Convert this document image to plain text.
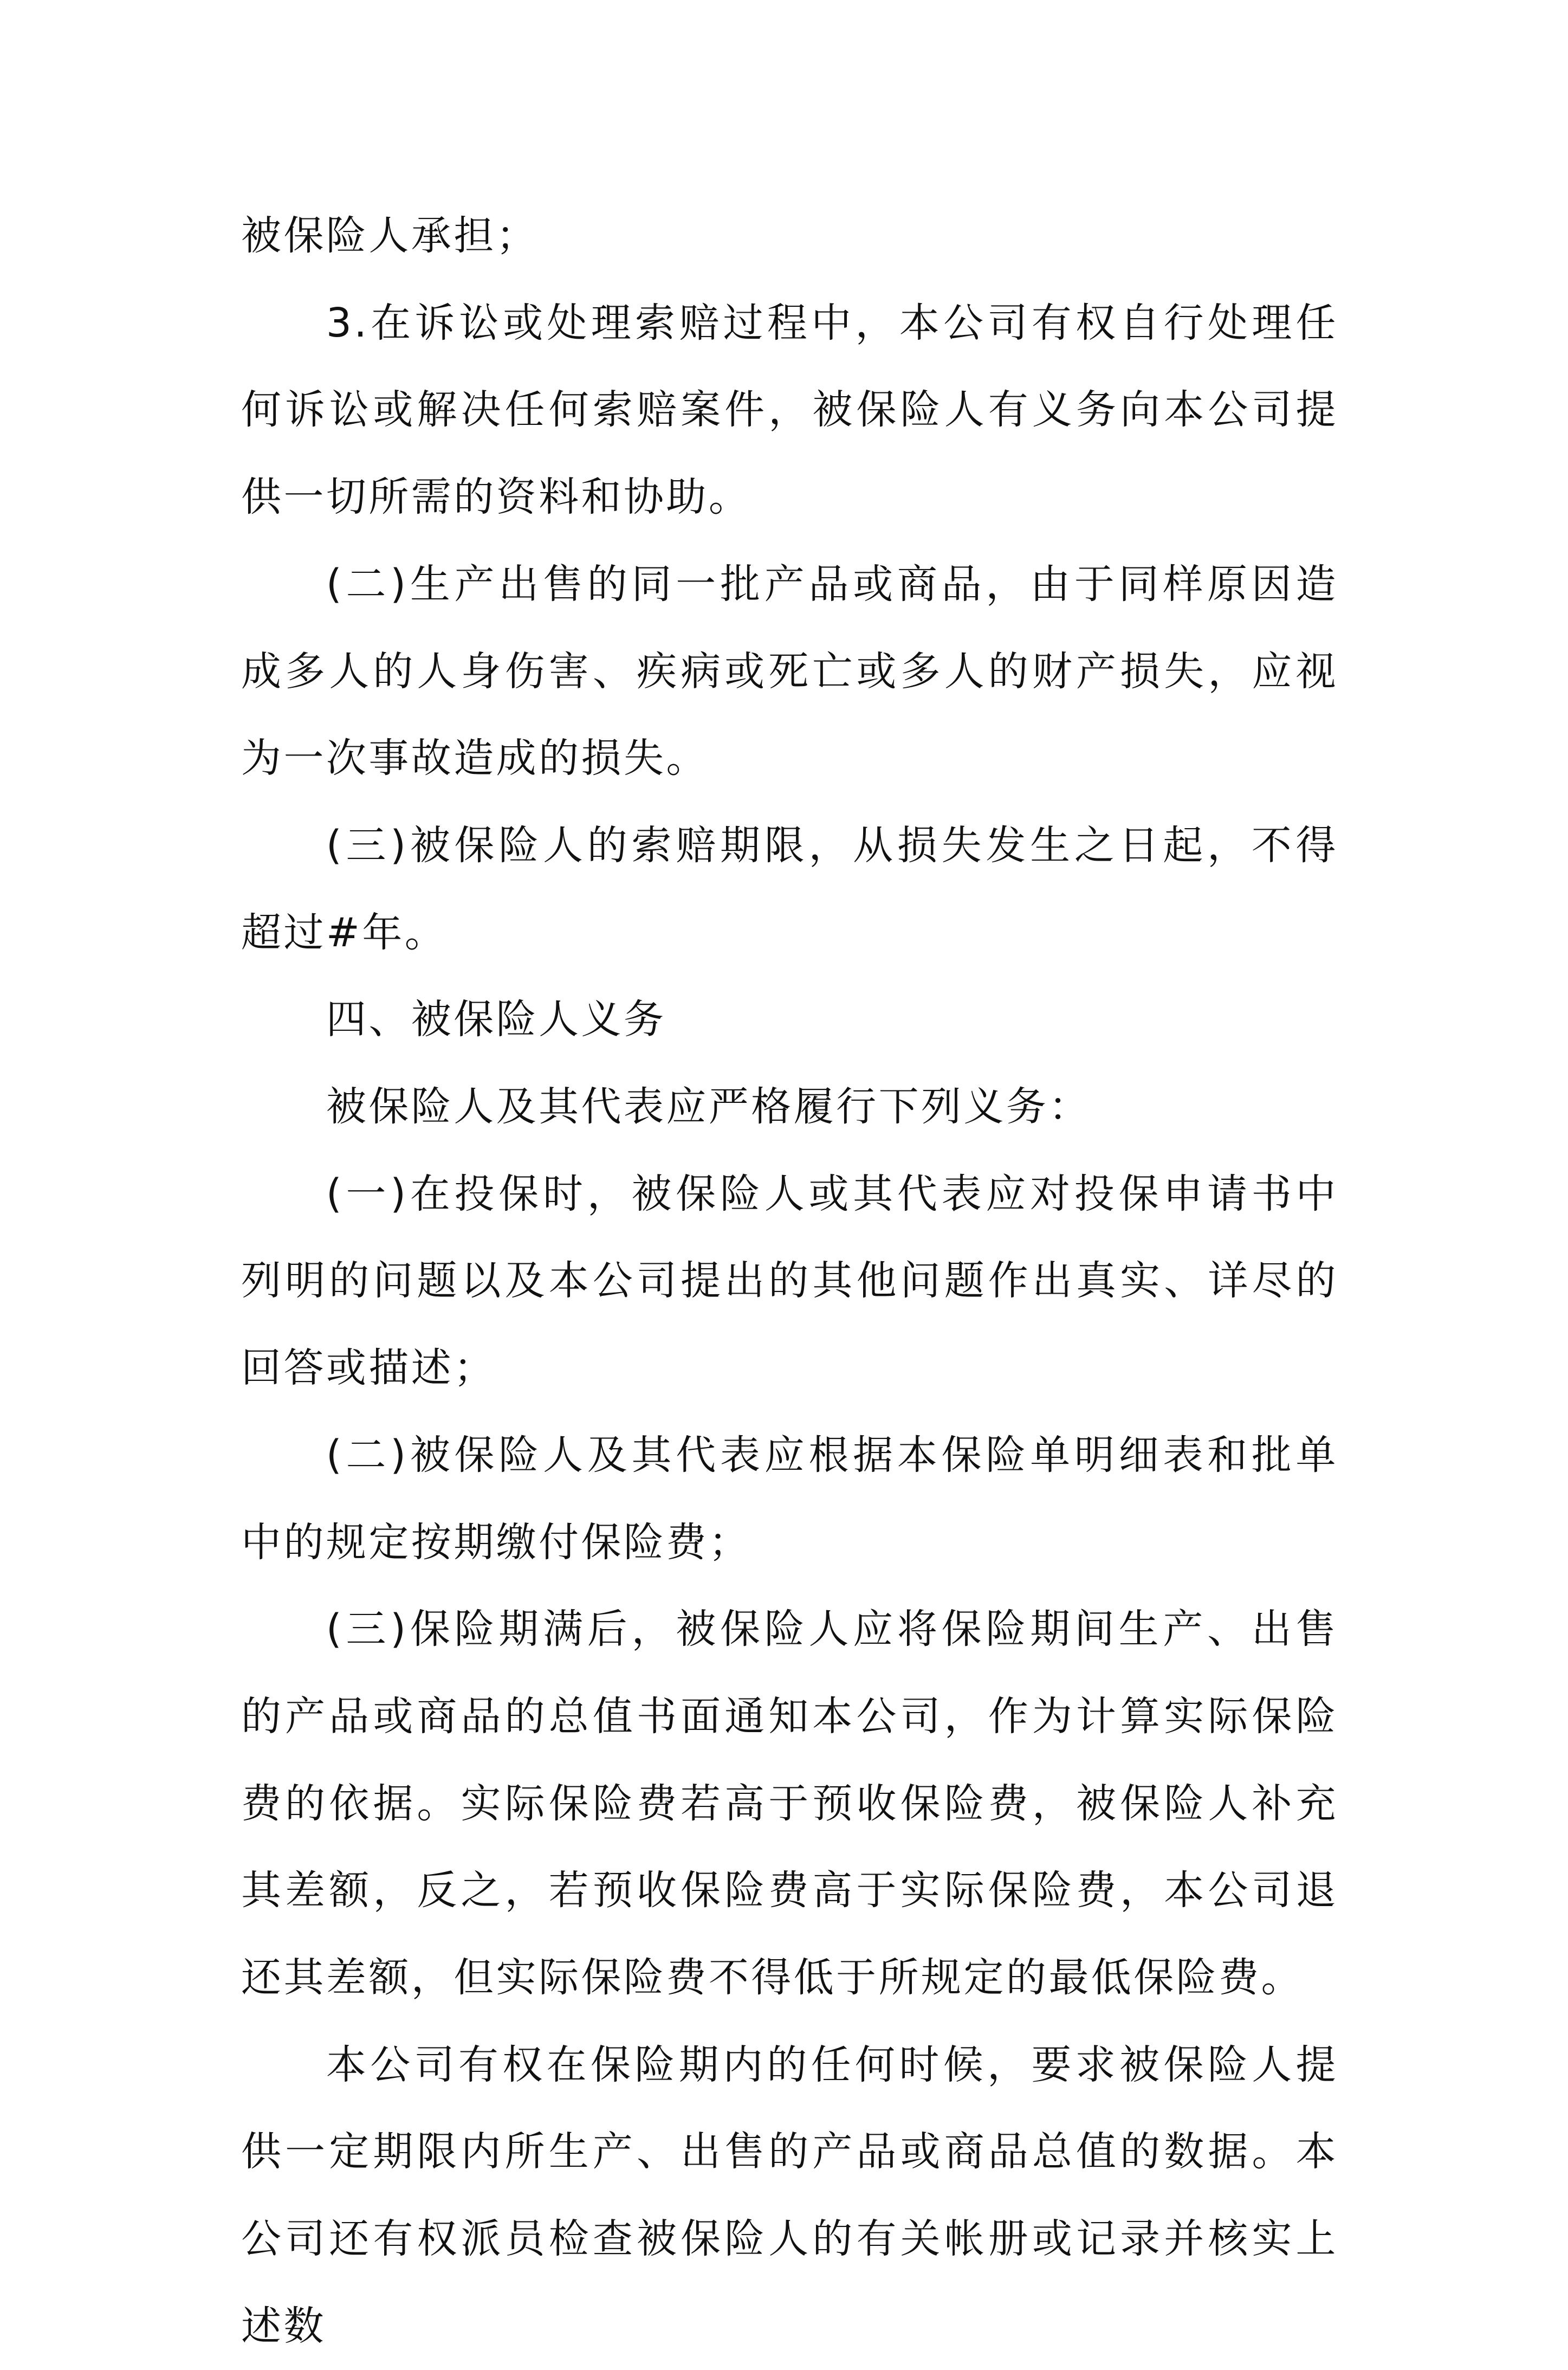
被保险人承担；

3.在诉讼或处理索赔过程中，本公司有权自行处理任何诉讼或解决任何索赔案件，被保险人有义务向本公司提供一切所需的资料和协助。

(二)生产出售的同一批产品或商品，由于同样原因造成多人的人身伤害、疾病或死亡或多人的财产损失，应视为一次事故造成的损失。

(三)被保险人的索赔期限，从损失发生之日起，不得超过#年。

四、被保险人义务

被保险人及其代表应严格履行下列义务：

(一)在投保时，被保险人或其代表应对投保申请书中列明的问题以及本公司提出的其他问题作出真实、详尽的回答或描述；

(二)被保险人及其代表应根据本保险单明细表和批单中的规定按期缴付保险费；

(三)保险期满后，被保险人应将保险期间生产、出售的产品或商品的总值书面通知本公司，作为计算实际保险费的依据。实际保险费若高于预收保险费，被保险人补充其差额，反之，若预收保险费高于实际保险费，本公司退还其差额，但实际保险费不得低于所规定的最低保险费。

本公司有权在保险期内的任何时候，要求被保险人提供一定期限内所生产、出售的产品或商品总值的数据。本公司还有权派员检查被保险人的有关帐册或记录并核实上述数
